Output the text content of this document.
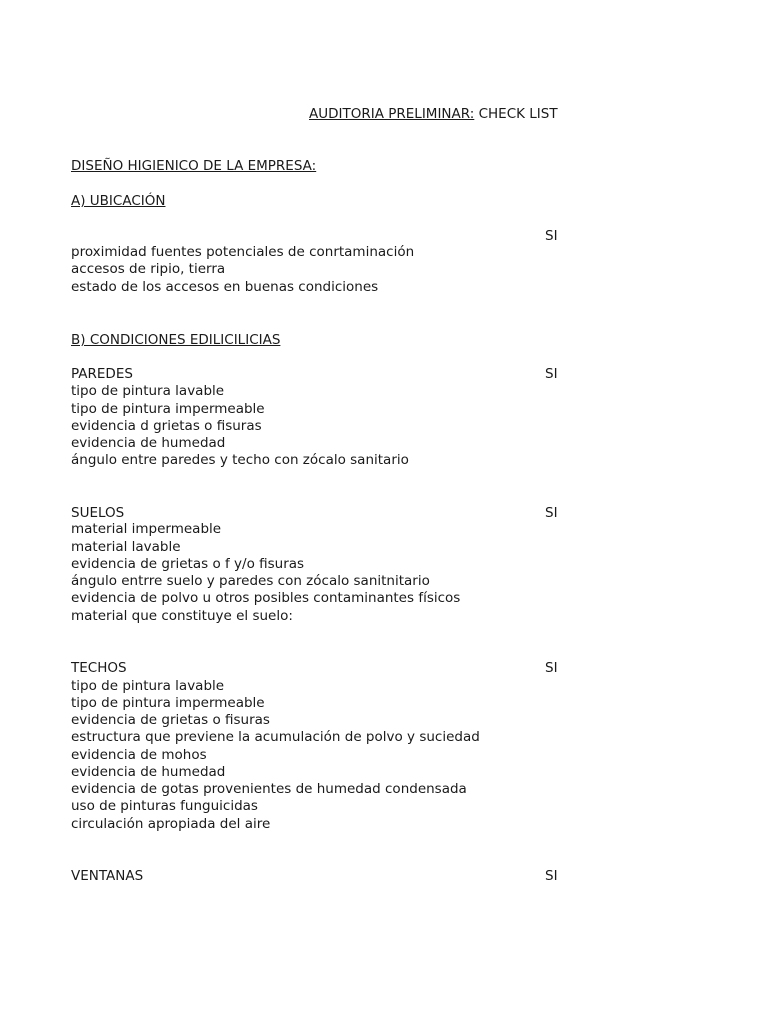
AUDITORIA PRELIMINAR: CHECK LIST
DISEÑO HIGIENICO DE LA EMPRESA:
A) UBICACIÓN
SI
proximidad fuentes potenciales de conrtaminación
accesos de ripio, tierra
estado de los accesos en buenas condiciones
B) CONDICIONES EDILICILICIAS
PAREDES	SI
tipo de pintura lavable
tipo de pintura impermeable
evidencia d grietas o fisuras
evidencia de humedad
ángulo entre paredes y techo con zócalo sanitario
SUELOS	SI
material impermeable
material lavable
evidencia de grietas o f y/o fisuras
ángulo entrre suelo y paredes con zócalo sanitnitario
evidencia de polvo u otros posibles contaminantes físicos
material que constituye el suelo:
TECHOS	SI
tipo de pintura lavable
tipo de pintura impermeable
evidencia de grietas o fisuras
estructura que previene la acumulación de polvo y suciedad
evidencia de mohos
evidencia de humedad
evidencia de gotas provenientes de humedad condensada
uso de pinturas funguicidas
circulación apropiada del aire
VENTANAS	SI
